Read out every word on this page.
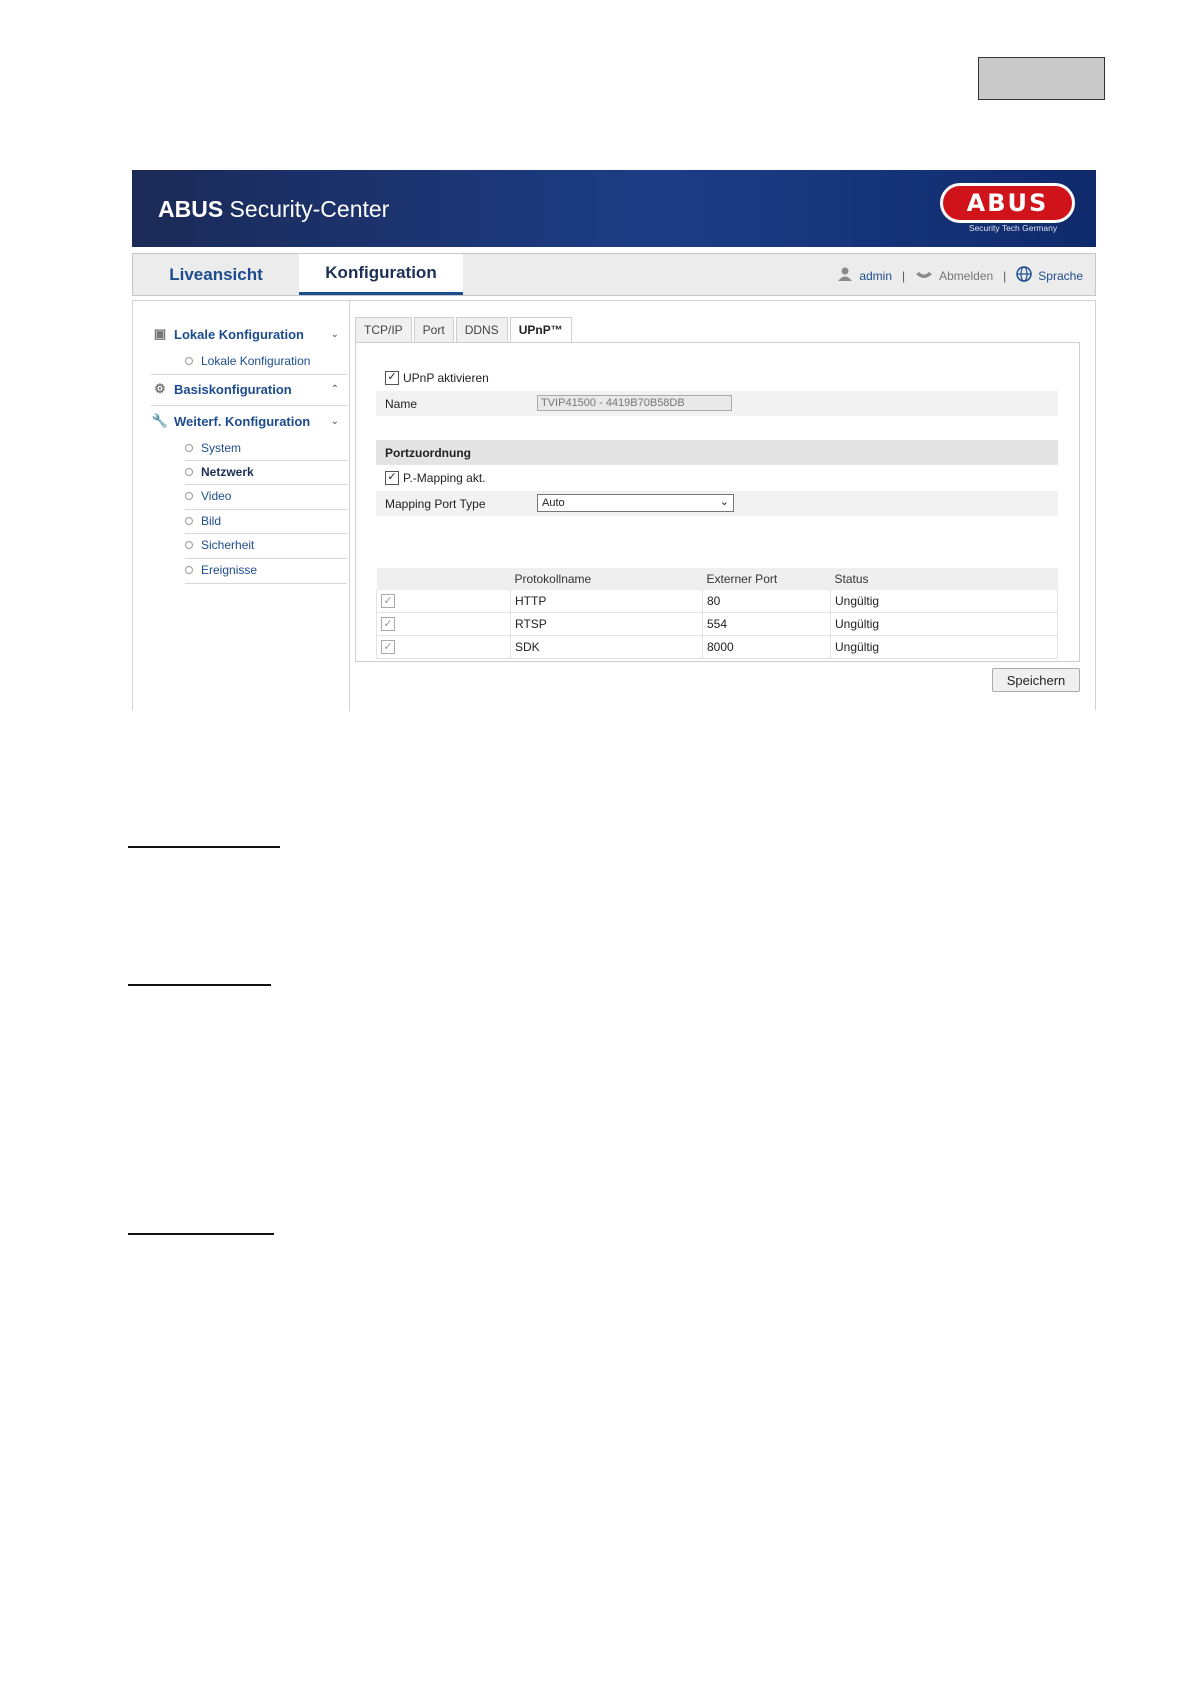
ABUS Security-Center	ABUS
Security Tech Germany
Liveansicht	Konfiguration	admin |	Abmelden |	Sprache
▣ Lokale Konfiguration	⌄
Lokale Konfiguration
⚙ Basiskonfiguration	⌃
🔧 Weiterf. Konfiguration ⌄
System
Netzwerk
Video
Bild
Sicherheit
Ereignisse
TCP/IP	Port	DDNS	UPnP™
✓ UPnP aktivieren
Name
TVIP41500 - 4419B70B58DB
Portzuordnung
✓ P.-Mapping akt.
Mapping Port Type	Auto	⌄
	Protokollname	Externer Port	Status

✓	HTTP	80	Ungültig

✓	RTSP	554	Ungültig

✓	SDK	8000	Ungültig
Speichern
